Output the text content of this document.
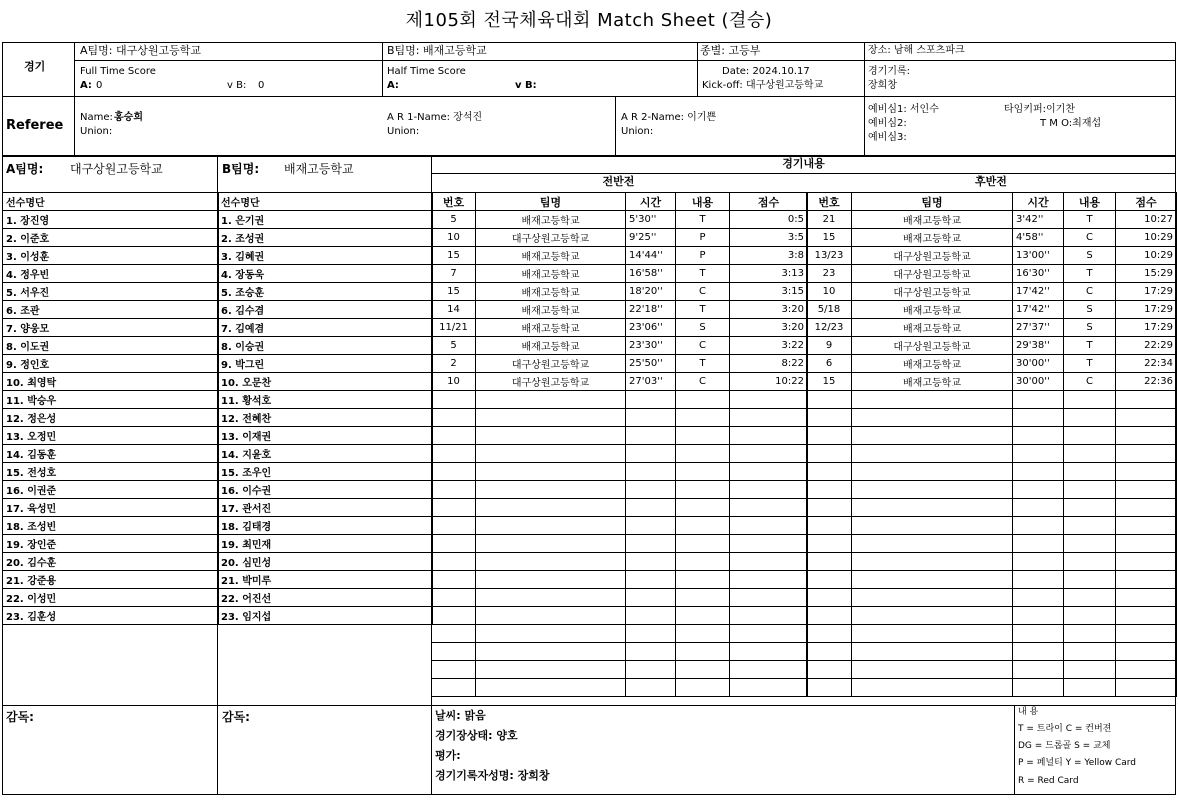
제105회 전국체육대회 Match Sheet (결승)
경기
A팀명: 대구상원고등학교	B팀명: 배재고등학교	종별: 고등부	장소: 남해 스포츠파크
Full Time Score
A: 0	v B: 0
Half Time Score
A:	v B:
Date: 2024.10.17
Kick-off: 대구상원고등학교
경기기록:
장희창
Referee
Name: 홍승희
Union:
A R 1-Name: 장석진
Union:
A R 2-Name: 이기쁜
Union:
예비심1: 서인수
예비심2:
예비심3:
타임키퍼:이기찬
T M O:최재섭
A팀명: 대구상원고등학교	B팀명: 배재고등학교
선수명단
1. 장진영
2. 이준호
3. 이성훈
4. 정우빈
5. 서우진
6. 조관
7. 양웅모
8. 이도권
9. 정인호
10. 최영탁
11. 박승우
12. 정은성
13. 오정민
14. 김동훈
15. 전성호
16. 이권준
17. 육성민
18. 조성빈
19. 장인준
20. 김수훈
21. 강준용
22. 이성민
23. 김훈성
선수명단
1. 은기권
2. 조성권
3. 김혜권
4. 장동욱
5. 조승훈
6. 김수겸
7. 김예겸
8. 이승권
9. 박그린
10. 오문찬
11. 황석호
12. 전혜찬
13. 이재권
14. 지윤호
15. 조우인
16. 이수권
17. 관서진
18. 김태경
19. 최민재
20. 심민성
21. 박미루
22. 어진선
23. 임지섭
경기내용
전반전	후반전
번호	팀명	시간	내용	점수
5	배재고등학교	5'30''	T	0:5
10	대구상원고등학교	9'25''	P	3:5
15	배재고등학교	14'44''	P	3:8
7	배재고등학교	16'58''	T	3:13
15	배재고등학교	18'20''	C	3:15
14	배재고등학교	22'18''	T	3:20
11/21	배재고등학교	23'06''	S	3:20
5	배재고등학교	23'30''	C	3:22
2	대구상원고등학교	25'50''	T	8:22
10	대구상원고등학교	27'03''	C	10:22

번호	팀명	시간	내용	점수
21	배재고등학교	3'42''	T	10:27
15	배재고등학교	4'58''	C	10:29
13/23	대구상원고등학교	13'00''	S	10:29
23	대구상원고등학교	16'30''	T	15:29
10	대구상원고등학교	17'42''	C	17:29
5/18	배재고등학교	17'42''	S	17:29
12/23	배재고등학교	27'37''	S	17:29
9	대구상원고등학교	29'38''	T	22:29
6	배재고등학교	30'00''	T	22:34
15	배재고등학교	30'00''	C	22:36

감독:	감독:	날씨: 맑음
경기장상태: 양호
평가:
경기기록자성명: 장희창
내 용
T = 트라이 C = 컨버젼
DG = 드롭골 S = 교체
P = 페널티 Y = Yellow Card
R = Red Card
